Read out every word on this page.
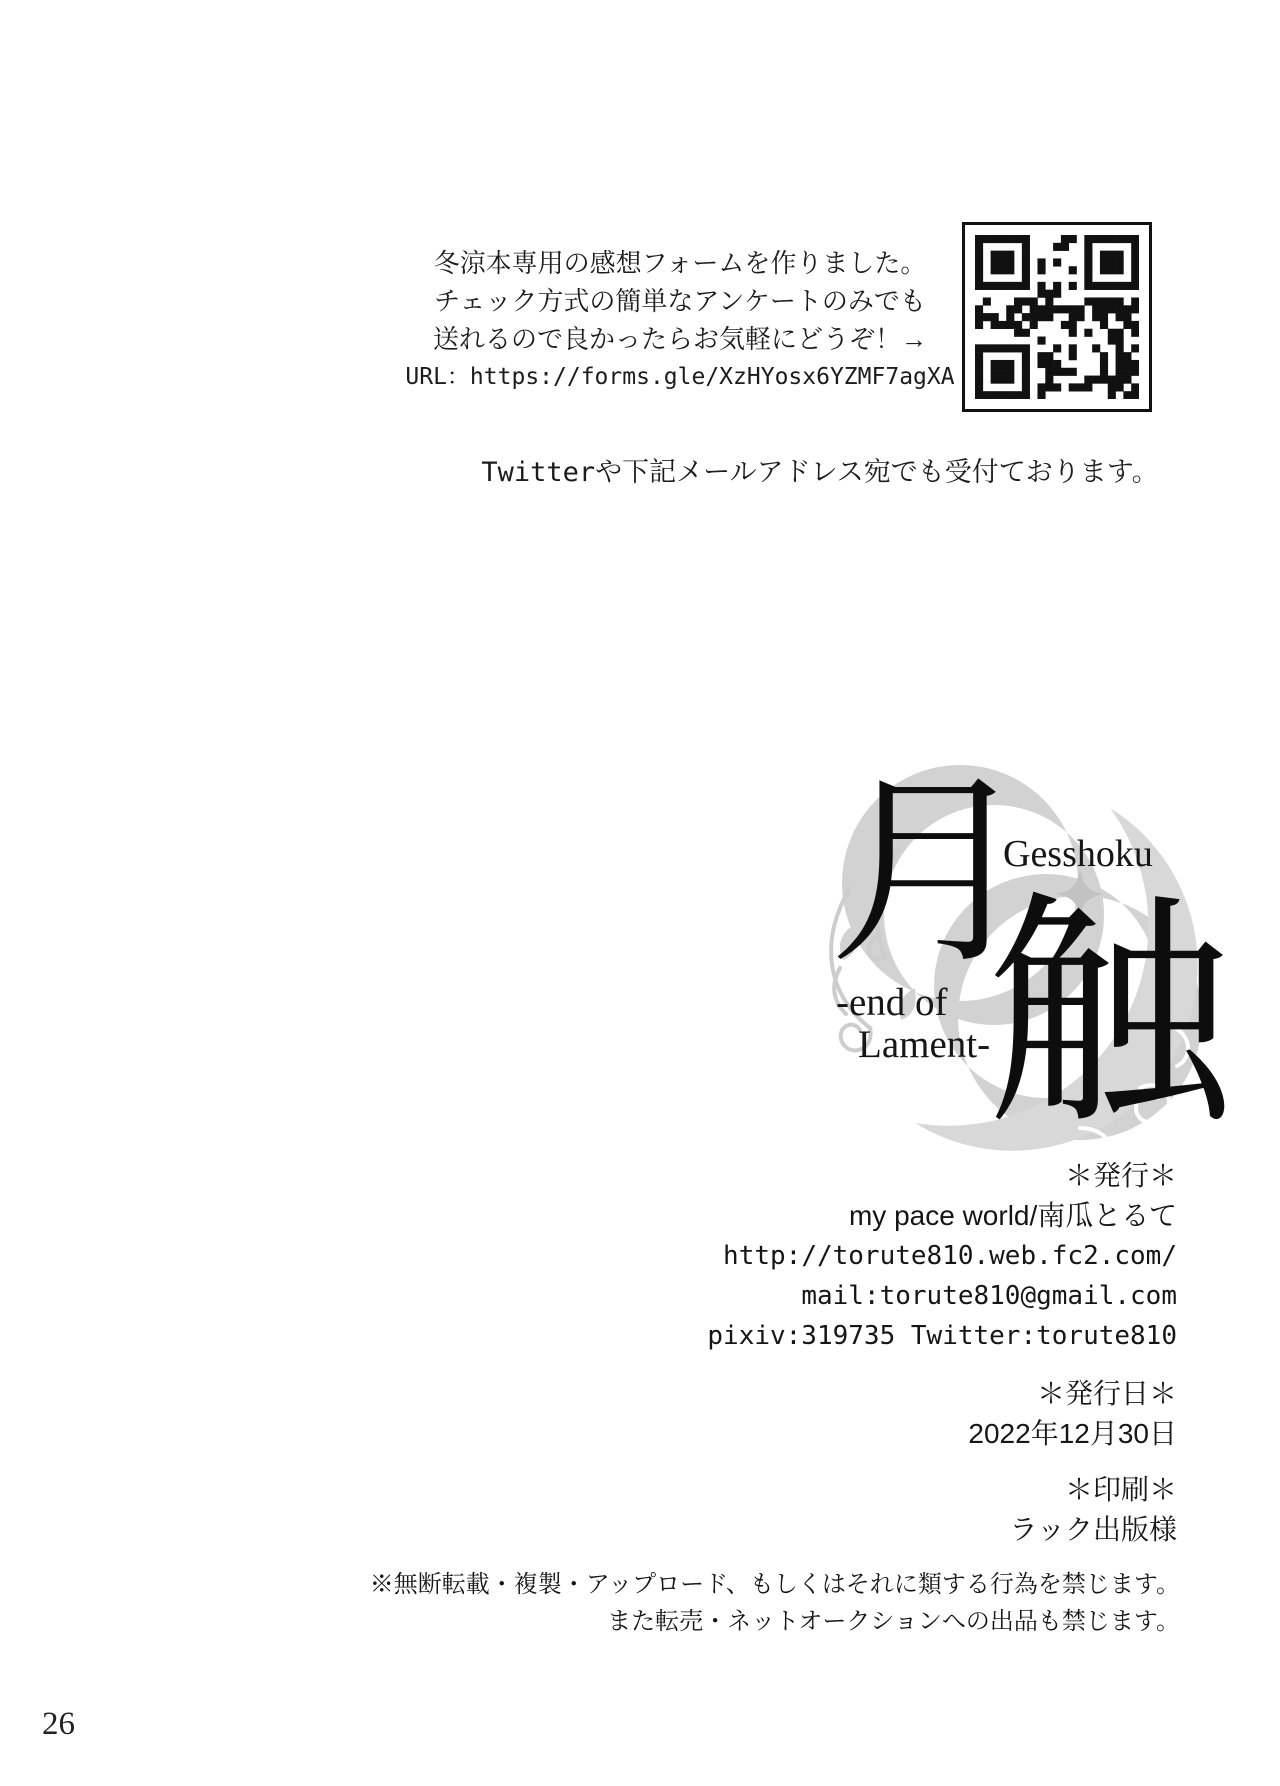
冬涼本専用の感想フォームを作りました。
チェック方式の簡単なアンケートのみでも
送れるので良かったらお気軽にどうぞ！→
URL：https://forms.gle/XzHYosx6YZMF7agXA
Twitterや下記メールアドレス宛でも受付ております。
月
触
Gesshoku
-end of
Lament-
＊発行＊
my pace world/南瓜とるて
http://torute810.web.fc2.com/
mail:torute810@gmail.com
pixiv:319735 Twitter:torute810
＊発行日＊
2022年12月30日
＊印刷＊
ラック出版様
※無断転載・複製・アップロード、もしくはそれに類する行為を禁じます。
また転売・ネットオークションへの出品も禁じます。
26
